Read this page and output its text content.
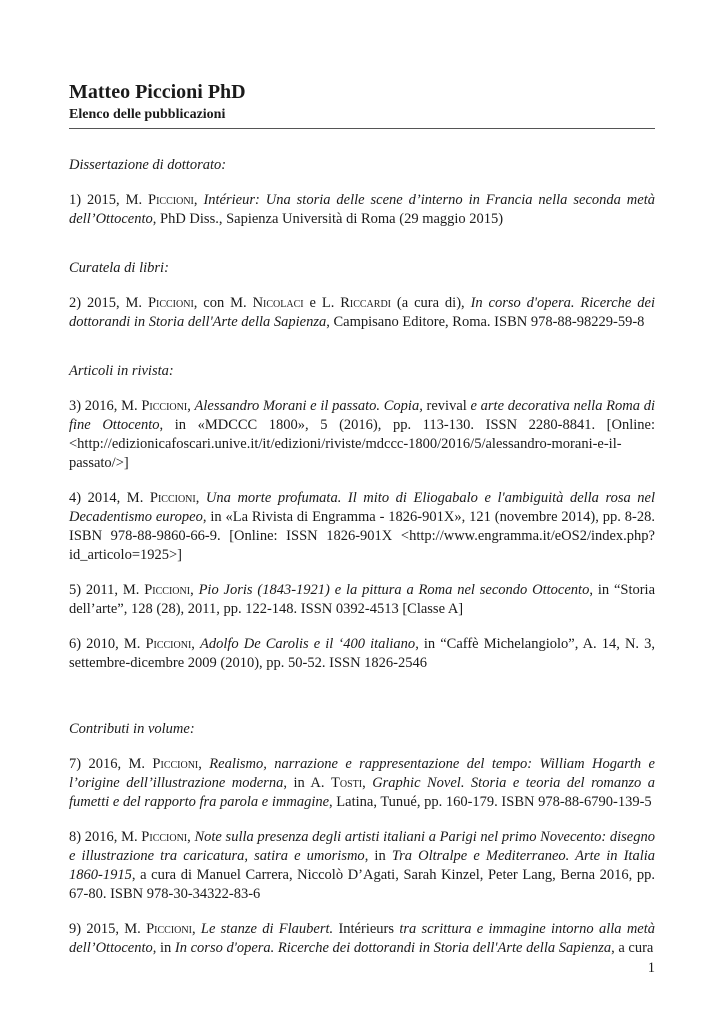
Matteo Piccioni PhD
Elenco delle pubblicazioni

Dissertazione di dottorato:

1) 2015, M. Piccioni, Intérieur: Una storia delle scene d’interno in Francia nella seconda metà dell’Ottocento, PhD Diss., Sapienza Università di Roma (29 maggio 2015)

Curatela di libri:

2) 2015, M. Piccioni, con M. Nicolaci e L. Riccardi (a cura di), In corso d'opera. Ricerche dei dottorandi in Storia dell'Arte della Sapienza, Campisano Editore, Roma. ISBN 978-88-98229-59-8

Articoli in rivista:

3) 2016, M. Piccioni, Alessandro Morani e il passato. Copia, revival e arte decorativa nella Roma di fine Ottocento, in «MDCCC 1800», 5 (2016), pp. 113-130. ISSN 2280-8841. [Online: <http://edizionicafoscari.unive.it/it/edizioni/riviste/mdccc-1800/2016/5/alessandro-morani-e-il-passato/>]

4) 2014, M. Piccioni, Una morte profumata. Il mito di Eliogabalo e l'ambiguità della rosa nel Decadentismo europeo, in «La Rivista di Engramma - 1826-901X», 121 (novembre 2014), pp. 8-28. ISBN 978-88-9860-66-9. [Online: ISSN 1826-901X <http://www.engramma.it/eOS2/index.php?id_articolo=1925>]

5) 2011, M. Piccioni, Pio Joris (1843-1921) e la pittura a Roma nel secondo Ottocento, in “Storia dell’arte”, 128 (28), 2011, pp. 122-148. ISSN 0392-4513 [Classe A]

6) 2010, M. Piccioni, Adolfo De Carolis e il ‘400 italiano, in “Caffè Michelangiolo”, A. 14, N. 3, settembre-dicembre 2009 (2010), pp. 50-52. ISSN 1826-2546

Contributi in volume:

7) 2016, M. Piccioni, Realismo, narrazione e rappresentazione del tempo: William Hogarth e l’origine dell’illustrazione moderna, in A. Tosti, Graphic Novel. Storia e teoria del romanzo a fumetti e del rapporto fra parola e immagine, Latina, Tunué, pp. 160-179. ISBN 978-88-6790-139-5

8) 2016, M. Piccioni, Note sulla presenza degli artisti italiani a Parigi nel primo Novecento: disegno e illustrazione tra caricatura, satira e umorismo, in Tra Oltralpe e Mediterraneo. Arte in Italia 1860-1915, a cura di Manuel Carrera, Niccolò D’Agati, Sarah Kinzel, Peter Lang, Berna 2016, pp. 67-80. ISBN 978-30-34322-83-6

9) 2015, M. Piccioni, Le stanze di Flaubert. Intérieurs tra scrittura e immagine intorno alla metà dell’Ottocento, in In corso d'opera. Ricerche dei dottorandi in Storia dell'Arte della Sapienza, a cura

1
